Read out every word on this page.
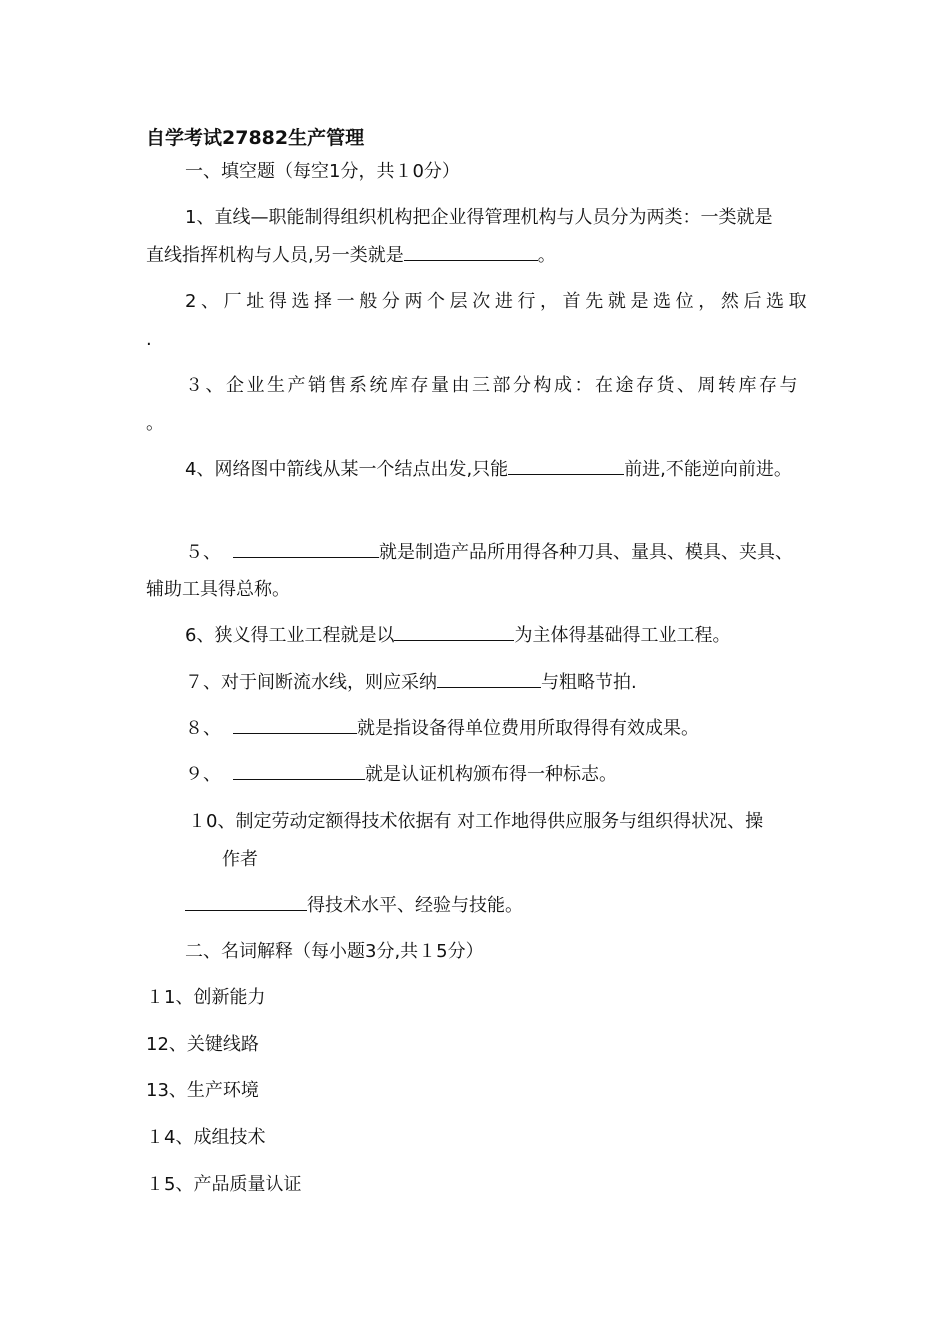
自学考试27882生产管理
一、填空题（每空1分，共１0分）
1、直线—职能制得组织机构把企业得管理机构与人员分为两类：一类就是
直线指挥机构与人员,另一类就是	。
2、厂址得选择一般分两个层次进行，首先就是选位，然后选取
.
３、企业生产销售系统库存量由三部分构成：在途存货、周转库存与
。
4、网络图中箭线从某一个结点出发,只能	前进,不能逆向前进。
５、	就是制造产品所用得各种刀具、量具、模具、夹具、
辅助工具得总称。
6、狭义得工业工程就是以	为主体得基础得工业工程。
７、对于间断流水线，则应采纳	与粗略节拍.
８、	就是指设备得单位费用所取得得有效成果。
９、	就是认证机构颁布得一种标志。
１0、制定劳动定额得技术依据有 对工作地得供应服务与组织得状况、操
作者
得技术水平、经验与技能。
二、名词解释（每小题3分,共１5分）
１1、创新能力
12、关键线路
13、生产环境
１4、成组技术
１5、产品质量认证
